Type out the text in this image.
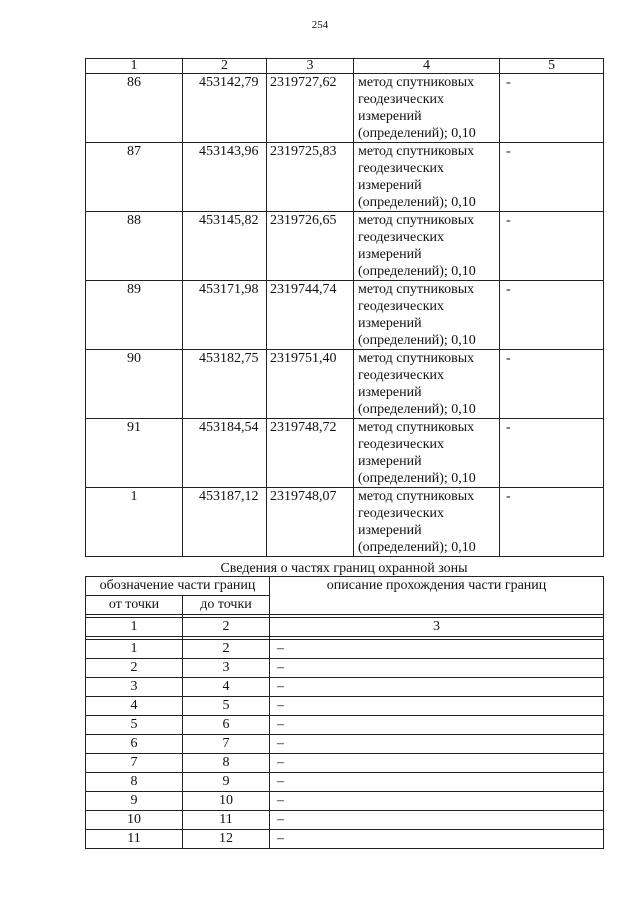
254
1	2	3	4	5
86	453142,79	2319727,62	метод спутниковых геодезических измерений (определений); 0,10	-
87	453143,96	2319725,83	метод спутниковых геодезических измерений (определений); 0,10	-
88	453145,82	2319726,65	метод спутниковых геодезических измерений (определений); 0,10	-
89	453171,98	2319744,74	метод спутниковых геодезических измерений (определений); 0,10	-
90	453182,75	2319751,40	метод спутниковых геодезических измерений (определений); 0,10	-
91	453184,54	2319748,72	метод спутниковых геодезических измерений (определений); 0,10	-
1	453187,12	2319748,07	метод спутниковых геодезических измерений (определений); 0,10	-
Сведения о частях границ охранной зоны
обозначение части границ		описание прохождения части границ
от точки	до точки	

1	2	3

1	2	–
2	3	–
3	4	–
4	5	–
5	6	–
6	7	–
7	8	–
8	9	–
9	10	–
10	11	–
11	12	–
